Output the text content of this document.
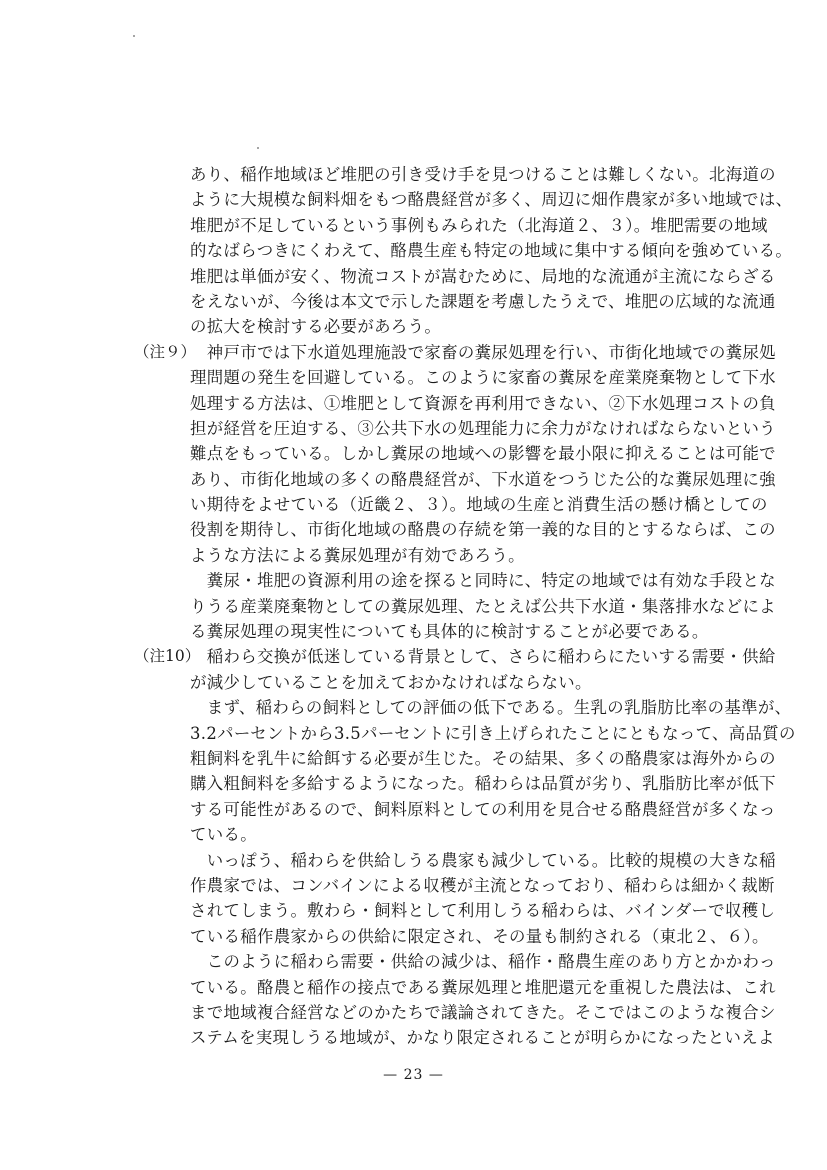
あり、稲作地域ほど堆肥の引き受け手を見つけることは難しくない。北海道の
ように大規模な飼料畑をもつ酪農経営が多く、周辺に畑作農家が多い地域では、
堆肥が不足しているという事例もみられた（北海道２、３）。堆肥需要の地域
的なばらつきにくわえて、酪農生産も特定の地域に集中する傾向を強めている。
堆肥は単価が安く、物流コストが嵩むために、局地的な流通が主流にならざる
をえないが、今後は本文で示した課題を考慮したうえで、堆肥の広域的な流通
の拡大を検討する必要があろう。
（注９）
　神戸市では下水道処理施設で家畜の糞尿処理を行い、市街化地域での糞尿処
理問題の発生を回避している。このように家畜の糞尿を産業廃棄物として下水
処理する方法は、①堆肥として資源を再利用できない、②下水処理コストの負
担が経営を圧迫する、③公共下水の処理能力に余力がなければならないという
難点をもっている。しかし糞尿の地域への影響を最小限に抑えることは可能で
あり、市街化地域の多くの酪農経営が、下水道をつうじた公的な糞尿処理に強
い期待をよせている（近畿２、３）。地域の生産と消費生活の懸け橋としての
役割を期待し、市街化地域の酪農の存続を第一義的な目的とするならば、この
ような方法による糞尿処理が有効であろう。
　糞尿・堆肥の資源利用の途を探ると同時に、特定の地域では有効な手段とな
りうる産業廃棄物としての糞尿処理、たとえば公共下水道・集落排水などによ
る糞尿処理の現実性についても具体的に検討することが必要である。
（注10）
　稲わら交換が低迷している背景として、さらに稲わらにたいする需要・供給
が減少していることを加えておかなければならない。
　まず、稲わらの飼料としての評価の低下である。生乳の乳脂肪比率の基準が、
3.2パーセントから3.5パーセントに引き上げられたことにともなって、高品質の
粗飼料を乳牛に給餌する必要が生じた。その結果、多くの酪農家は海外からの
購入粗飼料を多給するようになった。稲わらは品質が劣り、乳脂肪比率が低下
する可能性があるので、飼料原料としての利用を見合せる酪農経営が多くなっ
ている。
　いっぽう、稲わらを供給しうる農家も減少している。比較的規模の大きな稲
作農家では、コンバインによる収穫が主流となっており、稲わらは細かく裁断
されてしまう。敷わら・飼料として利用しうる稲わらは、バインダーで収穫し
ている稲作農家からの供給に限定され、その量も制約される（東北２、６）。
　このように稲わら需要・供給の減少は、稲作・酪農生産のあり方とかかわっ
ている。酪農と稲作の接点である糞尿処理と堆肥還元を重視した農法は、これ
まで地域複合経営などのかたちで議論されてきた。そこではこのような複合シ
ステムを実現しうる地域が、かなり限定されることが明らかになったといえよ
— 23 —
